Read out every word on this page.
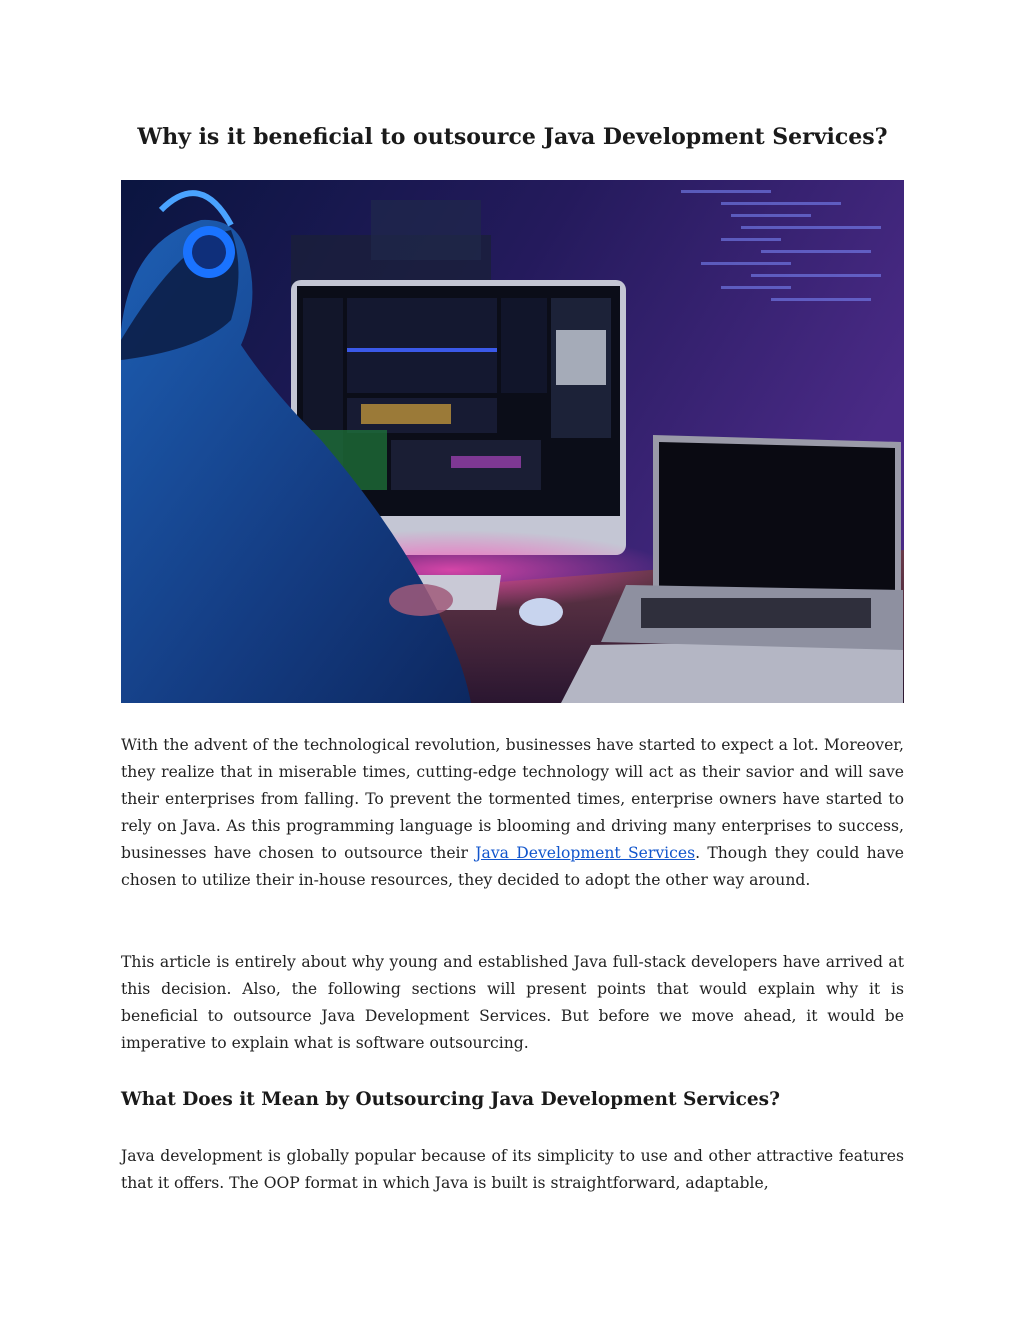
Why is it beneficial to outsource Java Development Services?

With the advent of the technological revolution, businesses have started to expect a lot. Moreover, they realize that in miserable times, cutting-edge technology will act as their savior and will save their enterprises from falling. To prevent the tormented times, enterprise owners have started to rely on Java. As this programming language is blooming and driving many enterprises to success, businesses have chosen to outsource their Java Development Services. Though they could have chosen to utilize their in-house resources, they decided to adopt the other way around.

This article is entirely about why young and established Java full-stack developers have arrived at this decision. Also, the following sections will present points that would explain why it is beneficial to outsource Java Development Services. But before we move ahead, it would be imperative to explain what is software outsourcing.

What Does it Mean by Outsourcing Java Development Services?

Java development is globally popular because of its simplicity to use and other attractive features that it offers. The OOP format in which Java is built is straightforward, adaptable,
